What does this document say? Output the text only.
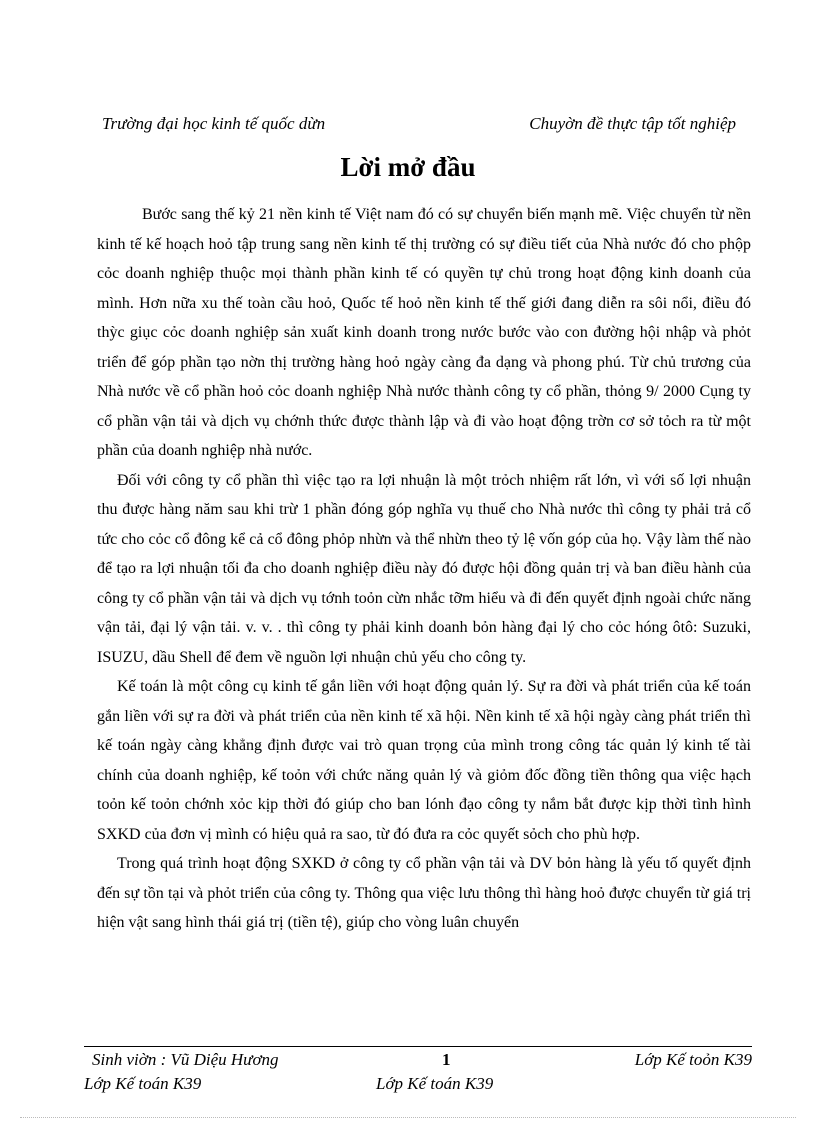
Trường đại học kinh tế quốc dừn	Chuyờn đề thực tập tốt nghiệp
Lời mở đầu

Bước sang thế kỷ 21 nền kinh tế Việt nam đó có sự chuyển biến mạnh mẽ. Việc chuyển từ nền kinh tế kế hoạch hoỏ tập trung sang nền kinh tế thị trường có sự điều tiết của Nhà nước đó cho phộp cỏc doanh nghiệp thuộc mọi thành phần kinh tế có quyền tự chủ trong hoạt động kinh doanh của mình. Hơn nữa xu thế toàn cầu hoỏ, Quốc tế hoỏ nền kinh tế thế giới đang diễn ra sôi nổi, điều đó thỳc giục cỏc doanh nghiệp sản xuất kinh doanh trong nước bước vào con đường hội nhập và phỏt triển để góp phần tạo nờn thị trường hàng hoỏ ngày càng đa dạng và phong phú. Từ chủ trương của Nhà nước về cổ phần hoỏ cỏc doanh nghiệp Nhà nước thành công ty cổ phần, thỏng 9/ 2000 Cụng ty cổ phần vận tải và dịch vụ chớnh thức được thành lập và đi vào hoạt động trờn cơ sở tỏch ra từ một phần của doanh nghiệp nhà nước.

Đối với công ty cổ phần thì việc tạo ra lợi nhuận là một trỏch nhiệm rất lớn, vì với số lợi nhuận thu được hàng năm sau khi trừ 1 phần đóng góp nghĩa vụ thuế cho Nhà nước thì công ty phải trả cổ tức cho cỏc cổ đông kể cả cổ đông phỏp nhừn và thể nhừn theo tỷ lệ vốn góp của họ. Vậy làm thế nào để tạo ra lợi nhuận tối đa cho doanh nghiệp điều này đó được hội đồng quản trị và ban điều hành của công ty cổ phần vận tải và dịch vụ tớnh toỏn cừn nhắc tỡm hiểu và đi đến quyết định ngoài chức năng vận tải, đại lý vận tải. v. v. . thì công ty phải kinh doanh bỏn hàng đại lý cho cỏc hóng ôtô: Suzuki, ISUZU, dầu Shell để đem về nguồn lợi nhuận chủ yếu cho công ty.

Kế toán là một công cụ kinh tế gắn liền với hoạt động quản lý. Sự ra đời và phát triển của kế toán gắn liền với sự ra đời và phát triển của nền kinh tế xã hội. Nền kinh tế xã hội ngày càng phát triển thì kế toán ngày càng khẳng định được vai trò quan trọng của mình trong công tác quản lý kinh tế tài chính của doanh nghiệp, kế toỏn với chức năng quản lý và giỏm đốc đồng tiền thông qua việc hạch toỏn kế toỏn chớnh xỏc kịp thời đó giúp cho ban lónh đạo công ty nắm bắt được kịp thời tình hình SXKD của đơn vị mình có hiệu quả ra sao, từ đó đưa ra cỏc quyết sỏch cho phù hợp.

Trong quá trình hoạt động SXKD ở công ty cổ phần vận tải và DV bỏn hàng là yếu tố quyết định đến sự tồn tại và phỏt triển của công ty. Thông qua việc lưu thông thì hàng hoỏ được chuyển từ giá trị hiện vật sang hình thái giá trị (tiền tệ), giúp cho vòng luân chuyển

Sinh viờn : Vũ Diệu Hương	1	Lớp Kế toỏn K39
Lớp Kế toán K39	Lớp Kế toán K39
